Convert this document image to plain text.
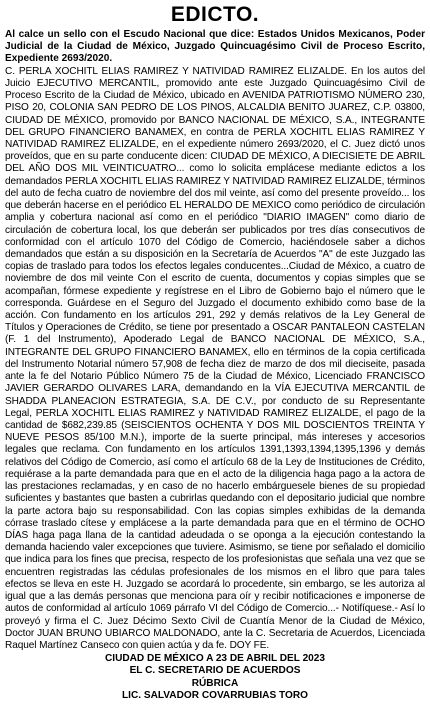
EDICTO.

Al calce un sello con el Escudo Nacional que dice: Estados Unidos Mexicanos, Poder Judicial de la Ciudad de México, Juzgado Quincuagésimo Civil de Proceso Escrito, Expediente 2693/2020.

C. PERLA XOCHITL ELIAS RAMIREZ Y NATIVIDAD RAMIREZ ELIZALDE. En los autos del Juicio EJECUTIVO MERCANTIL, promovido ante este Juzgado Quincuagésimo Civil de Proceso Escrito de la Ciudad de México, ubicado en AVENIDA PATRIOTISMO NÚMERO 230, PISO 20, COLONIA SAN PEDRO DE LOS PINOS, ALCALDIA BENITO JUAREZ, C.P. 03800, CIUDAD DE MÉXICO, promovido por BANCO NACIONAL DE MÉXICO, S.A., INTEGRANTE DEL GRUPO FINANCIERO BANAMEX, en contra de PERLA XOCHITL ELIAS RAMIREZ Y NATIVIDAD RAMIREZ ELIZALDE, en el expediente número 2693/2020, el C. Juez dictó unos proveídos, que en su parte conducente dicen: CIUDAD DE MÉXICO, A DIECISIETE DE ABRIL DEL AÑO DOS MIL VEINTICUATRO... como lo solicita emplácese mediante edictos a los demandados PERLA XOCHITL ELIAS RAMIREZ Y NATIVIDAD RAMIREZ ELIZALDE, términos del auto de fecha cuatro de noviembre del dos mil veinte, así como del presente proveído... los que deberán hacerse en el periódico EL HERALDO DE MEXICO como periódico de circulación amplia y cobertura nacional así como en el periódico "DIARIO IMAGEN" como diario de circulación de cobertura local, los que deberán ser publicados por tres días consecutivos de conformidad con el artículo 1070 del Código de Comercio, haciéndosele saber a dichos demandados que están a su disposición en la Secretaría de Acuerdos "A" de este Juzgado las copias de traslado para todos los efectos legales conducentes...Ciudad de México, a cuatro de noviembre de dos mil veinte Con el escrito de cuenta, documentos y copias simples que se acompañan, fórmese expediente y regístrese en el Libro de Gobierno bajo el número que le corresponda. Guárdese en el Seguro del Juzgado el documento exhibido como base de la acción. Con fundamento en los artículos 291, 292 y demás relativos de la Ley General de Títulos y Operaciones de Crédito, se tiene por presentado a OSCAR PANTALEON CASTELAN (F. 1 del Instrumento), Apoderado Legal de BANCO NACIONAL DE MÉXICO, S.A., INTEGRANTE DEL GRUPO FINANCIERO BANAMEX, ello en términos de la copia certificada del Instrumento Notarial número 57,908 de fecha diez de marzo de dos mil dieciseite, pasada ante la fe del Notario Público Número 75 de la Ciudad de México, Licenciado FRANCISCO JAVIER GERARDO OLIVARES LARA, demandando en la VÍA EJECUTIVA MERCANTIL de SHADDA PLANEACION ESTRATEGIA, S.A. DE C.V., por conducto de su Representante Legal, PERLA XOCHITL ELIAS RAMIREZ y NATIVIDAD RAMIREZ ELIZALDE, el pago de la cantidad de $682,239.85 (SEISCIENTOS OCHENTA Y DOS MIL DOSCIENTOS TREINTA Y NUEVE PESOS 85/100 M.N.), importe de la suerte principal, más intereses y accesorios legales que reclama. Con fundamento en los artículos 1391,1393,1394,1395,1396 y demás relativos del Código de Comercio, así como el artículo 68 de la Ley de Instituciones de Crédito, requiérase a la parte demandada para que en el acto de la diligencia haga pago a la actora de las prestaciones reclamadas, y en caso de no hacerlo embárguesele bienes de su propiedad suficientes y bastantes que basten a cubrirlas quedando con el depositario judicial que nombre la parte actora bajo su responsabilidad. Con las copias simples exhibidas de la demanda córrase traslado cítese y emplácese a la parte demandada para que en el término de OCHO DÍAS haga paga llana de la cantidad adeudada o se oponga a la ejecución contestando la demanda haciendo valer excepciones que tuviere. Asimismo, se tiene por señalado el domicilio que indica para los fines que precisa, respecto de los profesionistas que señala una vez que se encuentren registradas las cédulas profesionales de los mismos en el libro que para tales efectos se lleva en este H. Juzgado se acordará lo procedente, sin embargo, se les autoriza al igual que a las demás personas que menciona para oír y recibir notificaciones e imponerse de autos de conformidad al artículo 1069 párrafo VI del Código de Comercio...- Notifíquese.- Así lo proveyó y firma el C. Juez Décimo Sexto Civil de Cuantía Menor de la Ciudad de México, Doctor JUAN BRUNO UBIARCO MALDONADO, ante la C. Secretaria de Acuerdos, Licenciada Raquel Martínez Canseco con quien actúa y da fe. DOY FE.

CIUDAD DE MÉXICO A 23 DE ABRIL DEL 2023
EL C. SECRETARIO DE ACUERDOS
RÚBRICA
LIC. SALVADOR COVARRUBIAS TORO
